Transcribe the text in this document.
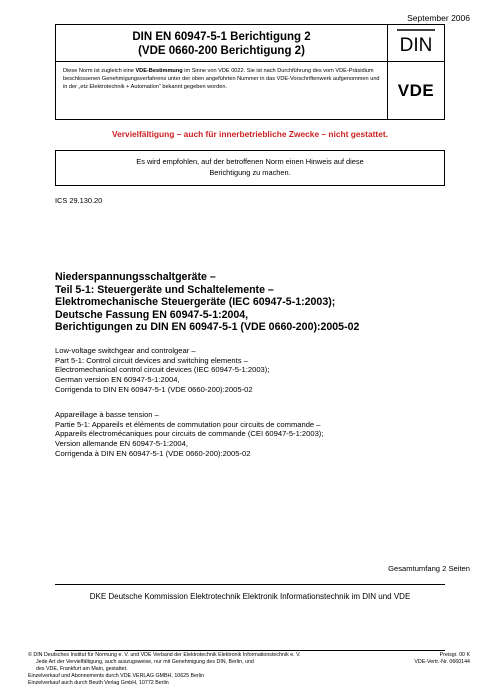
September 2006
DIN EN 60947-5-1 Berichtigung 2
(VDE 0660-200 Berichtigung 2)	DIN
Diese Norm ist zugleich eine VDE-Bestimmung im Sinne von VDE 0022. Sie ist nach Durchführung des vom VDE-Präsidium beschlossenen Genehmigungsverfahrens unter der oben angeführten Nummer in das VDE-Vorschriftenwerk aufgenommen und in der „etz Elektrotechnik + Automation“ bekannt gegeben worden.	VDE
Vervielfältigung – auch für innerbetriebliche Zwecke – nicht gestattet.
Es wird empfohlen, auf der betroffenen Norm einen Hinweis auf diese
Berichtigung zu machen.
ICS 29.130.20
Niederspannungsschaltgeräte –
Teil 5-1: Steuergeräte und Schaltelemente –
Elektromechanische Steuergeräte (IEC 60947-5-1:2003);
Deutsche Fassung EN 60947-5-1:2004,
Berichtigungen zu DIN EN 60947-5-1 (VDE 0660-200):2005-02
Low-voltage switchgear and controlgear –
Part 5-1: Control circuit devices and switching elements –
Electromechanical control circuit devices (IEC 60947-5-1:2003);
German version EN 60947-5-1:2004,
Corrigenda to DIN EN 60947-5-1 (VDE 0660-200):2005-02
Appareillage à basse tension –
Partie 5-1: Appareils et éléments de commutation pour circuits de commande –
Appareils électromécaniques pour circuits de commande (CEI 60947-5-1:2003);
Version allemande EN 60947-5-1:2004,
Corrigenda à DIN EN 60947-5-1 (VDE 0660-200):2005-02
Gesamtumfang 2 Seiten
DKE Deutsche Kommission Elektrotechnik Elektronik Informationstechnik im DIN und VDE
© DIN Deutsches Institut für Normung e. V. und VDE Verband der Elektrotechnik Elektronik Informationstechnik e. V.
Jede Art der Vervielfältigung, auch auszugsweise, nur mit Genehmigung des DIN, Berlin, und
des VDE, Frankfurt am Main, gestattet.
Einzelverkauf und Abonnements durch VDE VERLAG GMBH, 10625 Berlin
Einzelverkauf auch durch Beuth Verlag GmbH, 10772 Berlin
Preisgr. 00 K
VDE-Vertr.-Nr. 0660144
